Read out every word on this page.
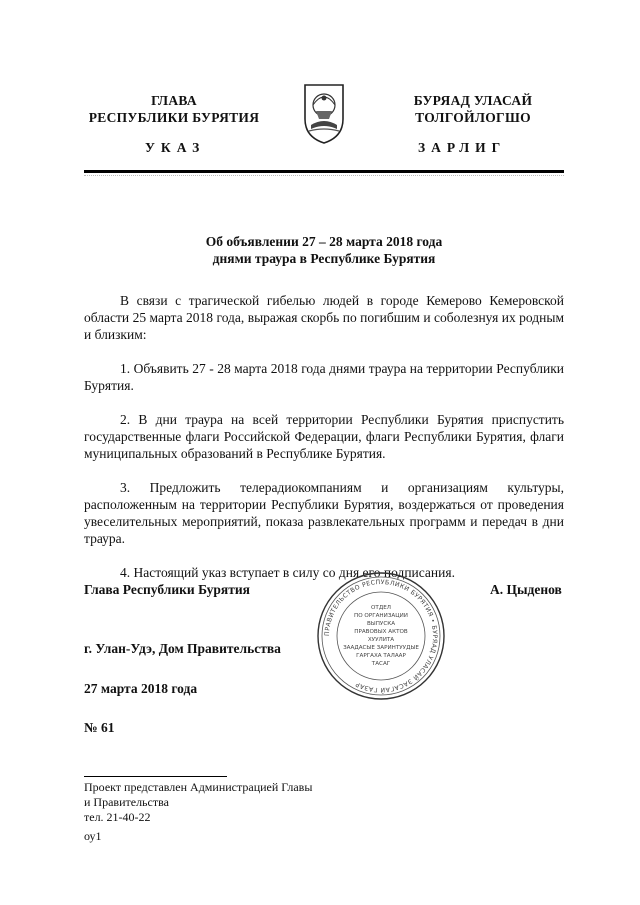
ГЛАВА
РЕСПУБЛИКИ БУРЯТИЯ
БУРЯАД УЛАСАЙ
ТОЛГОЙЛОГШО
УКАЗ	ЗАРЛИГ
Об объявлении 27 – 28 марта 2018 года
днями траура в Республике Бурятия

В связи с трагической гибелью людей в городе Кемерово Кемеровской области 25 марта 2018 года, выражая скорбь по погибшим и соболезнуя их родным и близким:

1. Объявить 27 - 28 марта 2018 года днями траура на территории Республики Бурятия.

2. В дни траура на всей территории Республики Бурятия приспустить государственные флаги Российской Федерации, флаги Республики Бурятия, флаги муниципальных образований в Республике Бурятия.

3. Предложить телерадиокомпаниям и организациям культуры, расположенным на территории Республики Бурятия, воздержаться от проведения увеселительных мероприятий, показа развлекательных программ и передач в дни траура.

4. Настоящий указ вступает в силу со дня его подписания.

Глава Республики Бурятия	А. Цыденов
г. Улан-Удэ, Дом Правительства
27 марта 2018 года
№ 61
ПРАВИТЕЛЬСТВО РЕСПУБЛИКИ БУРЯТИЯ • БУРЯАД УЛАСАЙ ЗАСАГАЙ ГАЗАР
ОТДЕЛ
ПО ОРГАНИЗАЦИИ
ВЫПУСКА
ПРАВОВЫХ АКТОВ
ХУУЛИТА
ЗААДАСЫЕ ЗАРИНТУУДЫЕ
ГАРГАХА ТАЛААР
ТАСАГ
Проект представлен Администрацией Главы
и Правительства
тел. 21-40-22
оу1
